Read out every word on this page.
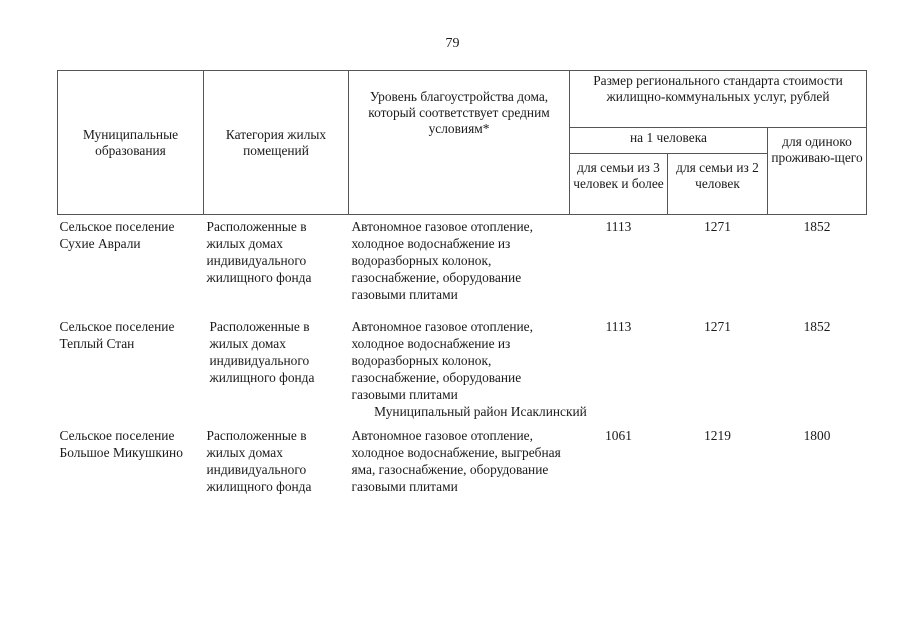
79
Муниципальные образования	Категория жилых помещений	Уровень благоустройства дома, который соответствует средним условиям*	Размер регионального стандарта стоимости жилищно-коммунальных услуг, рублей		
			на 1 человека		для одиноко проживаю-щего
			для семьи из 3 человек и более	для семьи из 2 человек	
Сельское поселение Сухие Аврали	Расположенные в жилых домах индивидуального жилищного фонда	Автономное газовое отопление, холодное водоснабжение из водоразборных колонок, газоснабжение, оборудование газовыми плитами	1113	1271	1852
Сельское поселение Теплый Стан	Расположенные в жилых домах индивидуального жилищного фонда	Автономное газовое отопление, холодное водоснабжение из водоразборных колонок, газоснабжение, оборудование газовыми плитами	1113	1271	1852
Муниципальный район Исаклинский					
Сельское поселение Большое Микушкино	Расположенные в жилых домах индивидуального жилищного фонда	Автономное газовое отопление, холодное водоснабжение, выгребная яма, газоснабжение, оборудование газовыми плитами	1061	1219	1800
